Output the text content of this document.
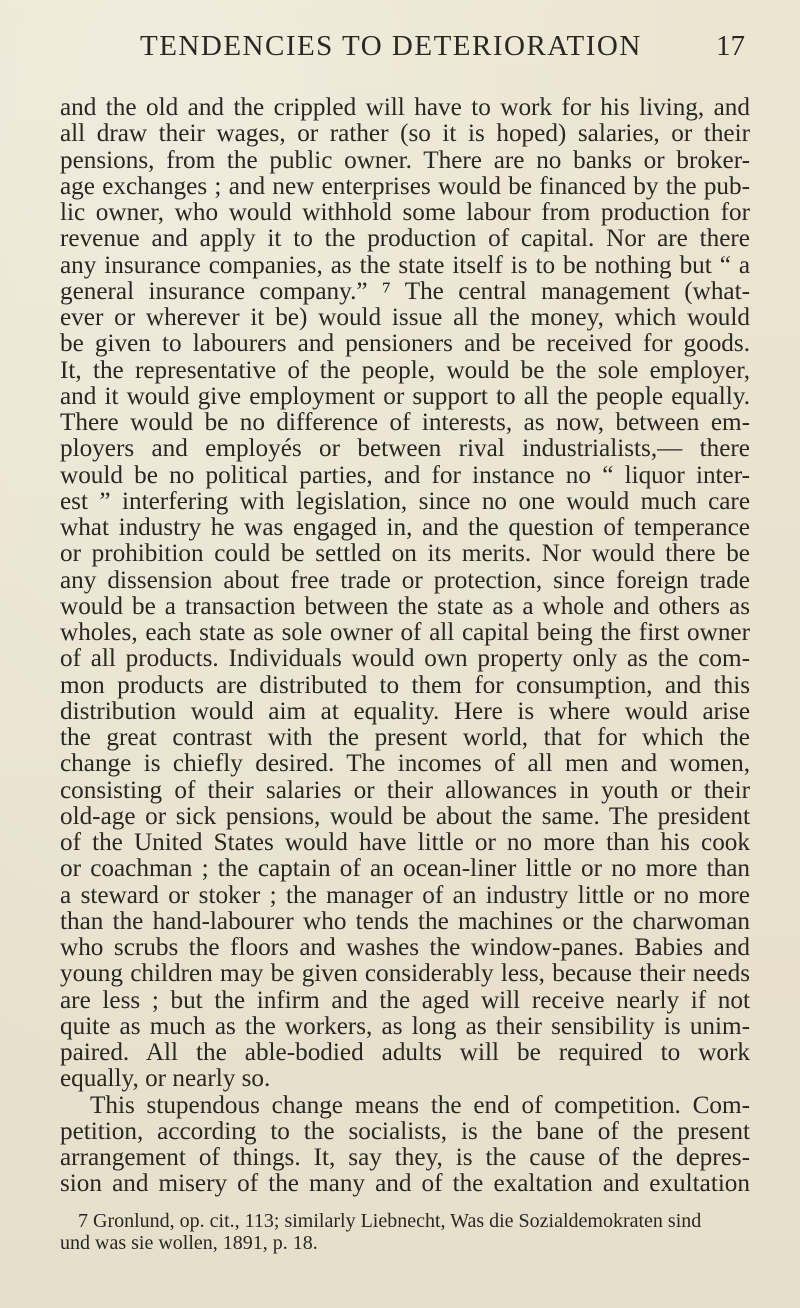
TENDENCIES TO DETERIORATION	17
and the old and the crippled will have to work for his living, and
all draw their wages, or rather (so it is hoped) salaries, or their
pensions, from the public owner. There are no banks or broker-
age exchanges ; and new enterprises would be financed by the pub-
lic owner, who would withhold some labour from production for
revenue and apply it to the production of capital. Nor are there
any insurance companies, as the state itself is to be nothing but “ a
general insurance company.” ⁷ The central management (what-
ever or wherever it be) would issue all the money, which would
be given to labourers and pensioners and be received for goods.
It, the representative of the people, would be the sole employer,
and it would give employment or support to all the people equally.
There would be no difference of interests, as now, between em-
ployers and employés or between rival industrialists,— there
would be no political parties, and for instance no “ liquor inter-
est ” interfering with legislation, since no one would much care
what industry he was engaged in, and the question of temperance
or prohibition could be settled on its merits. Nor would there be
any dissension about free trade or protection, since foreign trade
would be a transaction between the state as a whole and others as
wholes, each state as sole owner of all capital being the first owner
of all products. Individuals would own property only as the com-
mon products are distributed to them for consumption, and this
distribution would aim at equality. Here is where would arise
the great contrast with the present world, that for which the
change is chiefly desired. The incomes of all men and women,
consisting of their salaries or their allowances in youth or their
old-age or sick pensions, would be about the same. The president
of the United States would have little or no more than his cook
or coachman ; the captain of an ocean-liner little or no more than
a steward or stoker ; the manager of an industry little or no more
than the hand-labourer who tends the machines or the charwoman
who scrubs the floors and washes the window-panes. Babies and
young children may be given considerably less, because their needs
are less ; but the infirm and the aged will receive nearly if not
quite as much as the workers, as long as their sensibility is unim-
paired. All the able-bodied adults will be required to work
equally, or nearly so.
This stupendous change means the end of competition. Com-
petition, according to the socialists, is the bane of the present
arrangement of things. It, say they, is the cause of the depres-
sion and misery of the many and of the exaltation and exultation
7 Gronlund, op. cit., 113; similarly Liebnecht, Was die Sozialdemokraten sind
und was sie wollen, 1891, p. 18.
